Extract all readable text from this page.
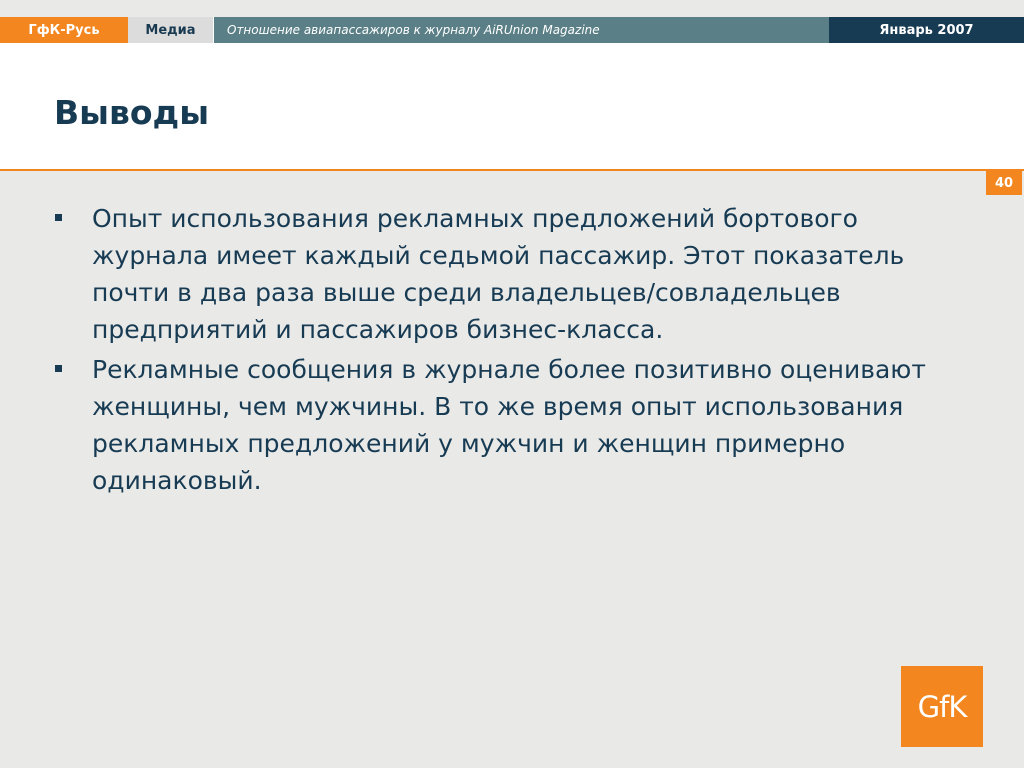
ГфК-Русь	Медиа	Отношение авиапассажиров к журналу AiRUnion Magazine	Январь 2007
Выводы
40
Опыт использования рекламных предложений бортового журнала имеет каждый седьмой пассажир. Этот показатель почти в два раза выше среди владельцев/совладельцев предприятий и пассажиров бизнес-класса.
Рекламные сообщения в журнале более позитивно оценивают женщины, чем мужчины. В то же время опыт использования рекламных предложений у мужчин и женщин примерно одинаковый.
GfK
